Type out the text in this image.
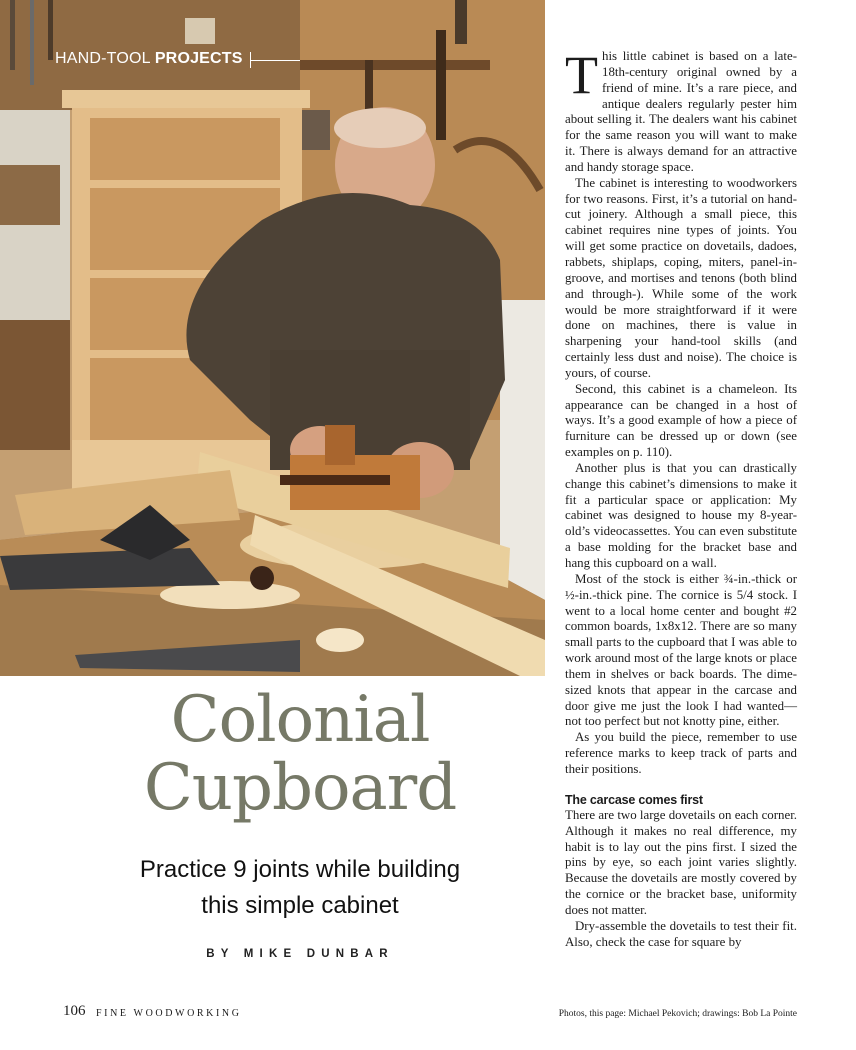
HAND-TOOL PROJECTS
Colonial
Cupboard
Practice 9 joints while building
this simple cabinet
BY MIKE DUNBAR

This little cabinet is based on a late-18th-century original owned by a friend of mine. It’s a rare piece, and antique dealers regularly pester him about selling it. The dealers want his cabinet for the same reason you will want to make it. There is always demand for an attractive and handy storage space.

The cabinet is interesting to woodworkers for two reasons. First, it’s a tutorial on hand-cut joinery. Although a small piece, this cabinet requires nine types of joints. You will get some practice on dovetails, dadoes, rabbets, shiplaps, coping, miters, panel-in-groove, and mortises and tenons (both blind and through-). While some of the work would be more straightforward if it were done on machines, there is value in sharpening your hand-tool skills (and certainly less dust and noise). The choice is yours, of course.

Second, this cabinet is a chameleon. Its appearance can be changed in a host of ways. It’s a good example of how a piece of furniture can be dressed up or down (see examples on p. 110).

Another plus is that you can drastically change this cabinet’s dimensions to make it fit a particular space or application: My cabinet was designed to house my 8-year-old’s videocassettes. You can even substitute a base molding for the bracket base and hang this cupboard on a wall.

Most of the stock is either ¾-in.-thick or ½-in.-thick pine. The cornice is 5/4 stock. I went to a local home center and bought #2 common boards, 1x8x12. There are so many small parts to the cupboard that I was able to work around most of the large knots or place them in shelves or back boards. The dime-sized knots that appear in the carcase and door give me just the look I had wanted—not too perfect but not knotty pine, either.

As you build the piece, remember to use reference marks to keep track of parts and their positions.

The carcase comes first

There are two large dovetails on each corner. Although it makes no real difference, my habit is to lay out the pins first. I sized the pins by eye, so each joint varies slightly. Because the dovetails are mostly covered by the cornice or the bracket base, uniformity does not matter.

Dry-assemble the dovetails to test their fit. Also, check the case for square by

106 FINE WOODWORKING	Photos, this page: Michael Pekovich; drawings: Bob La Pointe
